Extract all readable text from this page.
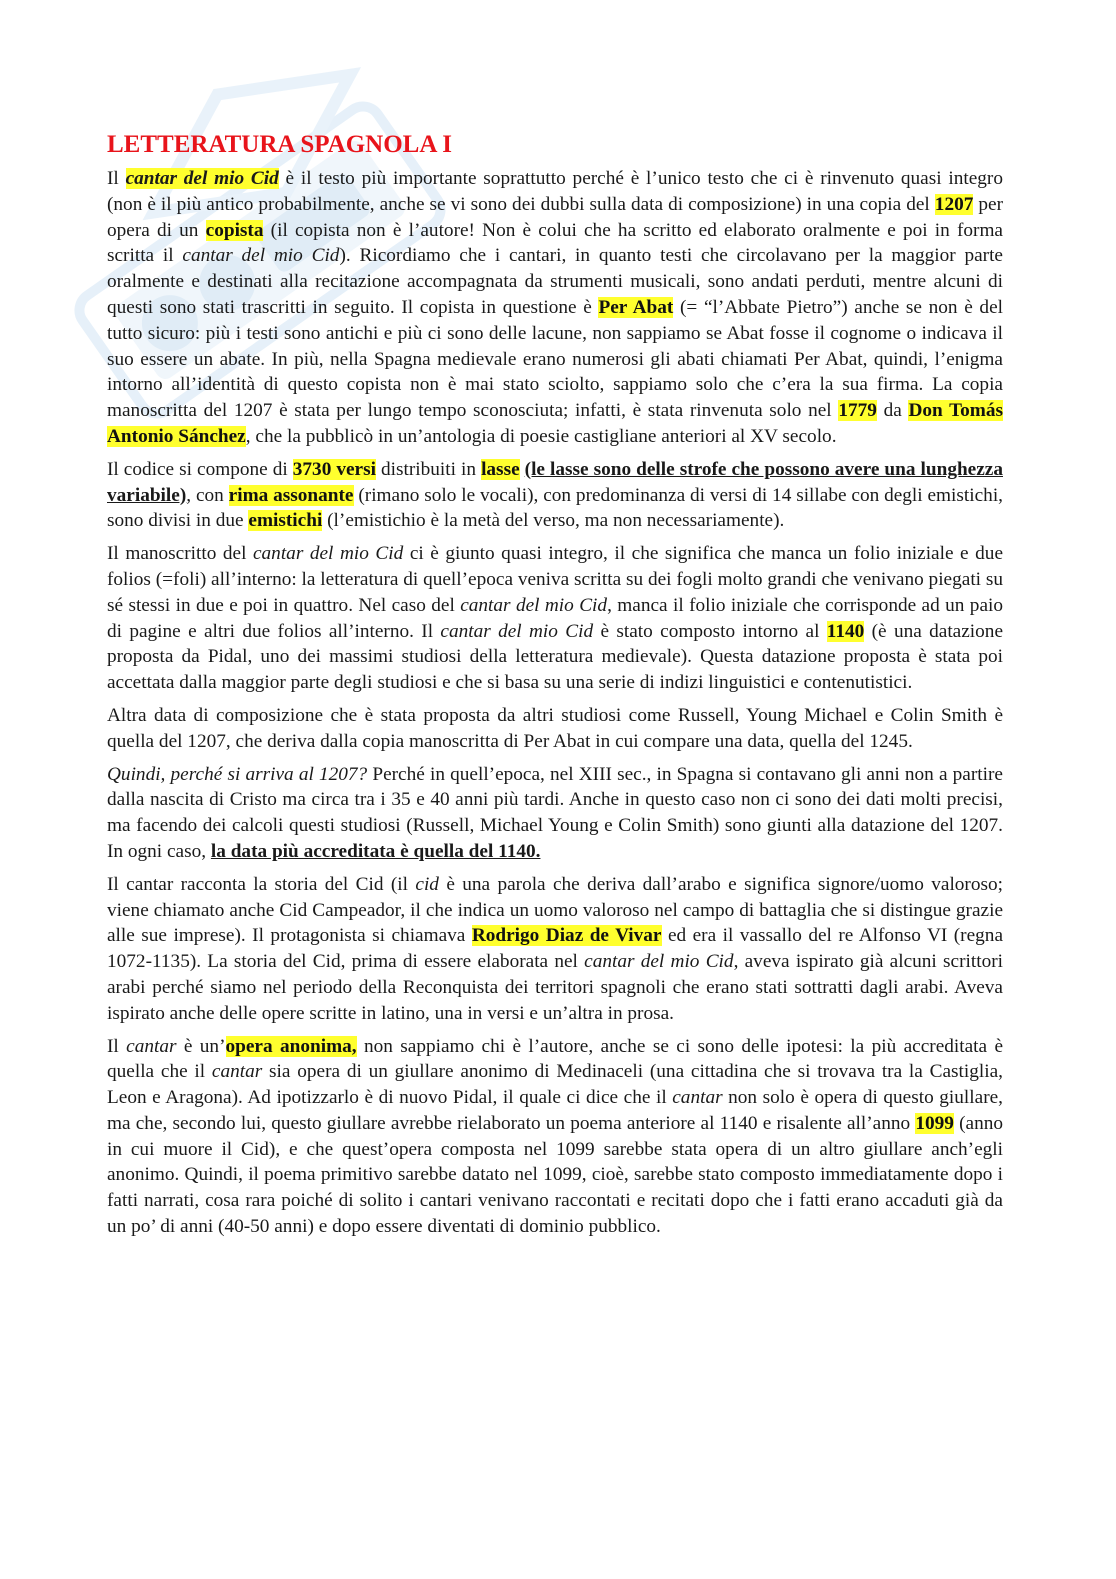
LETTERATURA SPAGNOLA I

Il cantar del mio Cid è il testo più importante soprattutto perché è l’unico testo che ci è rinvenuto quasi integro (non è il più antico probabilmente, anche se vi sono dei dubbi sulla data di composizione) in una copia del 1207 per opera di un copista (il copista non è l’autore! Non è colui che ha scritto ed elaborato oralmente e poi in forma scritta il cantar del mio Cid). Ricordiamo che i cantari, in quanto testi che circolavano per la maggior parte oralmente e destinati alla recitazione accompagnata da strumenti musicali, sono andati perduti, mentre alcuni di questi sono stati trascritti in seguito. Il copista in questione è Per Abat (= “l’Abbate Pietro”) anche se non è del tutto sicuro: più i testi sono antichi e più ci sono delle lacune, non sappiamo se Abat fosse il cognome o indicava il suo essere un abate. In più, nella Spagna medievale erano numerosi gli abati chiamati Per Abat, quindi, l’enigma intorno all’identità di questo copista non è mai stato sciolto, sappiamo solo che c’era la sua firma. La copia manoscritta del 1207 è stata per lungo tempo sconosciuta; infatti, è stata rinvenuta solo nel 1779 da Don Tomás Antonio Sánchez, che la pubblicò in un’antologia di poesie castigliane anteriori al XV secolo.

Il codice si compone di 3730 versi distribuiti in lasse (le lasse sono delle strofe che possono avere una lunghezza variabile), con rima assonante (rimano solo le vocali), con predominanza di versi di 14 sillabe con degli emistichi, sono divisi in due emistichi (l’emistichio è la metà del verso, ma non necessariamente).

Il manoscritto del cantar del mio Cid ci è giunto quasi integro, il che significa che manca un folio iniziale e due folios (=foli) all’interno: la letteratura di quell’epoca veniva scritta su dei fogli molto grandi che venivano piegati su sé stessi in due e poi in quattro. Nel caso del cantar del mio Cid, manca il folio iniziale che corrisponde ad un paio di pagine e altri due folios all’interno. Il cantar del mio Cid è stato composto intorno al 1140 (è una datazione proposta da Pidal, uno dei massimi studiosi della letteratura medievale). Questa datazione proposta è stata poi accettata dalla maggior parte degli studiosi e che si basa su una serie di indizi linguistici e contenutistici.

Altra data di composizione che è stata proposta da altri studiosi come Russell, Young Michael e Colin Smith è quella del 1207, che deriva dalla copia manoscritta di Per Abat in cui compare una data, quella del 1245.

Quindi, perché si arriva al 1207? Perché in quell’epoca, nel XIII sec., in Spagna si contavano gli anni non a partire dalla nascita di Cristo ma circa tra i 35 e 40 anni più tardi. Anche in questo caso non ci sono dei dati molti precisi, ma facendo dei calcoli questi studiosi (Russell, Michael Young e Colin Smith) sono giunti alla datazione del 1207. In ogni caso, la data più accreditata è quella del 1140.

Il cantar racconta la storia del Cid (il cid è una parola che deriva dall’arabo e significa signore/uomo valoroso; viene chiamato anche Cid Campeador, il che indica un uomo valoroso nel campo di battaglia che si distingue grazie alle sue imprese). Il protagonista si chiamava Rodrigo Diaz de Vivar ed era il vassallo del re Alfonso VI (regna 1072-1135). La storia del Cid, prima di essere elaborata nel cantar del mio Cid, aveva ispirato già alcuni scrittori arabi perché siamo nel periodo della Reconquista dei territori spagnoli che erano stati sottratti dagli arabi. Aveva ispirato anche delle opere scritte in latino, una in versi e un’altra in prosa.

Il cantar è un’opera anonima, non sappiamo chi è l’autore, anche se ci sono delle ipotesi: la più accreditata è quella che il cantar sia opera di un giullare anonimo di Medinaceli (una cittadina che si trovava tra la Castiglia, Leon e Aragona). Ad ipotizzarlo è di nuovo Pidal, il quale ci dice che il cantar non solo è opera di questo giullare, ma che, secondo lui, questo giullare avrebbe rielaborato un poema anteriore al 1140 e risalente all’anno 1099 (anno in cui muore il Cid), e che quest’opera composta nel 1099 sarebbe stata opera di un altro giullare anch’egli anonimo. Quindi, il poema primitivo sarebbe datato nel 1099, cioè, sarebbe stato composto immediatamente dopo i fatti narrati, cosa rara poiché di solito i cantari venivano raccontati e recitati dopo che i fatti erano accaduti già da un po’ di anni (40-50 anni) e dopo essere diventati di dominio pubblico.
